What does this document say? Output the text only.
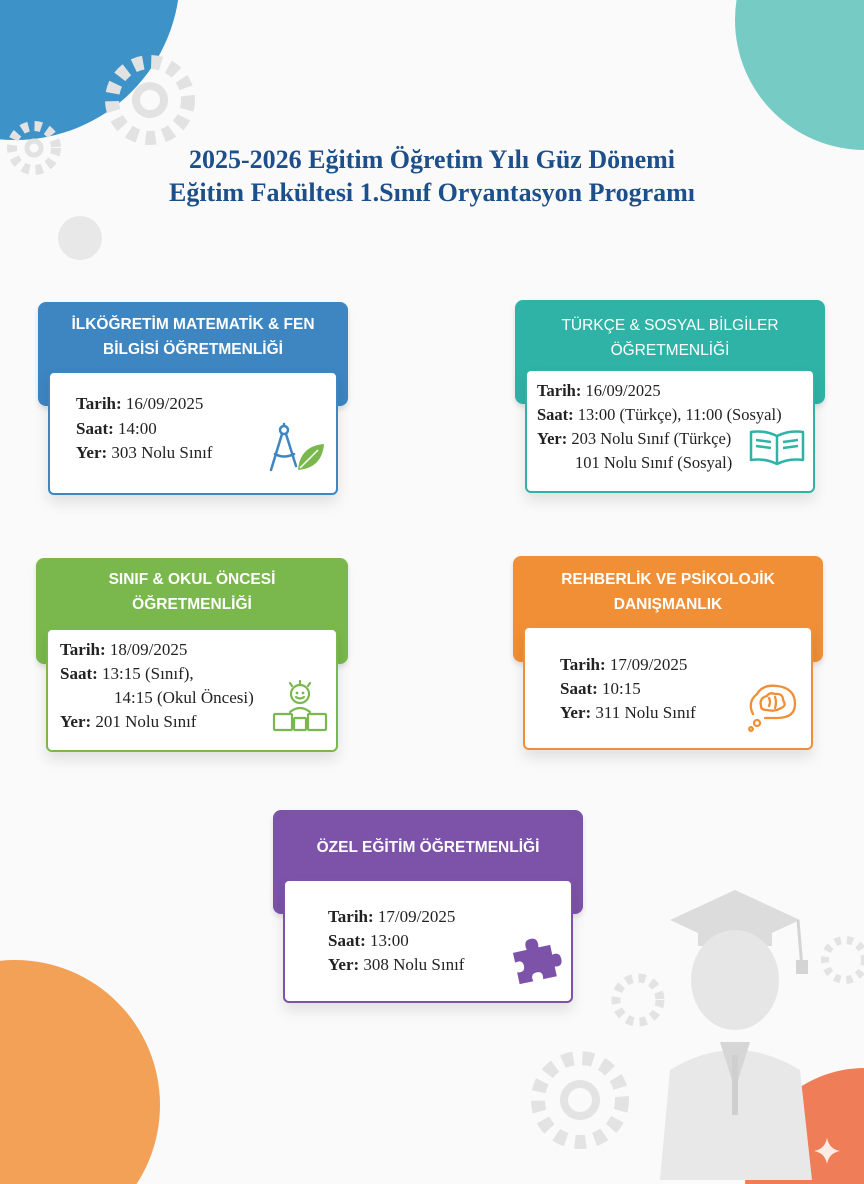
2025-2026 Eğitim Öğretim Yılı Güz Dönemi
Eğitim Fakültesi 1.Sınıf Oryantasyon Programı
İLKÖĞRETİM MATEMATİK & FEN
BİLGİSİ ÖĞRETMENLİĞİ
Tarih: 16/09/2025
Saat: 14:00
Yer: 303 Nolu Sınıf
TÜRKÇE & SOSYAL BİLGİLER
ÖĞRETMENLİĞİ
Tarih: 16/09/2025
Saat: 13:00 (Türkçe), 11:00 (Sosyal)
Yer: 203 Nolu Sınıf (Türkçe)
101 Nolu Sınıf (Sosyal)
SINIF & OKUL ÖNCESİ
ÖĞRETMENLİĞİ
Tarih: 18/09/2025
Saat: 13:15 (Sınıf),
14:15 (Okul Öncesi)
Yer: 201 Nolu Sınıf
REHBERLİK VE PSİKOLOJİK
DANIŞMANLIK
Tarih: 17/09/2025
Saat: 10:15
Yer: 311 Nolu Sınıf
ÖZEL EĞİTİM ÖĞRETMENLİĞİ
Tarih: 17/09/2025
Saat: 13:00
Yer: 308 Nolu Sınıf
